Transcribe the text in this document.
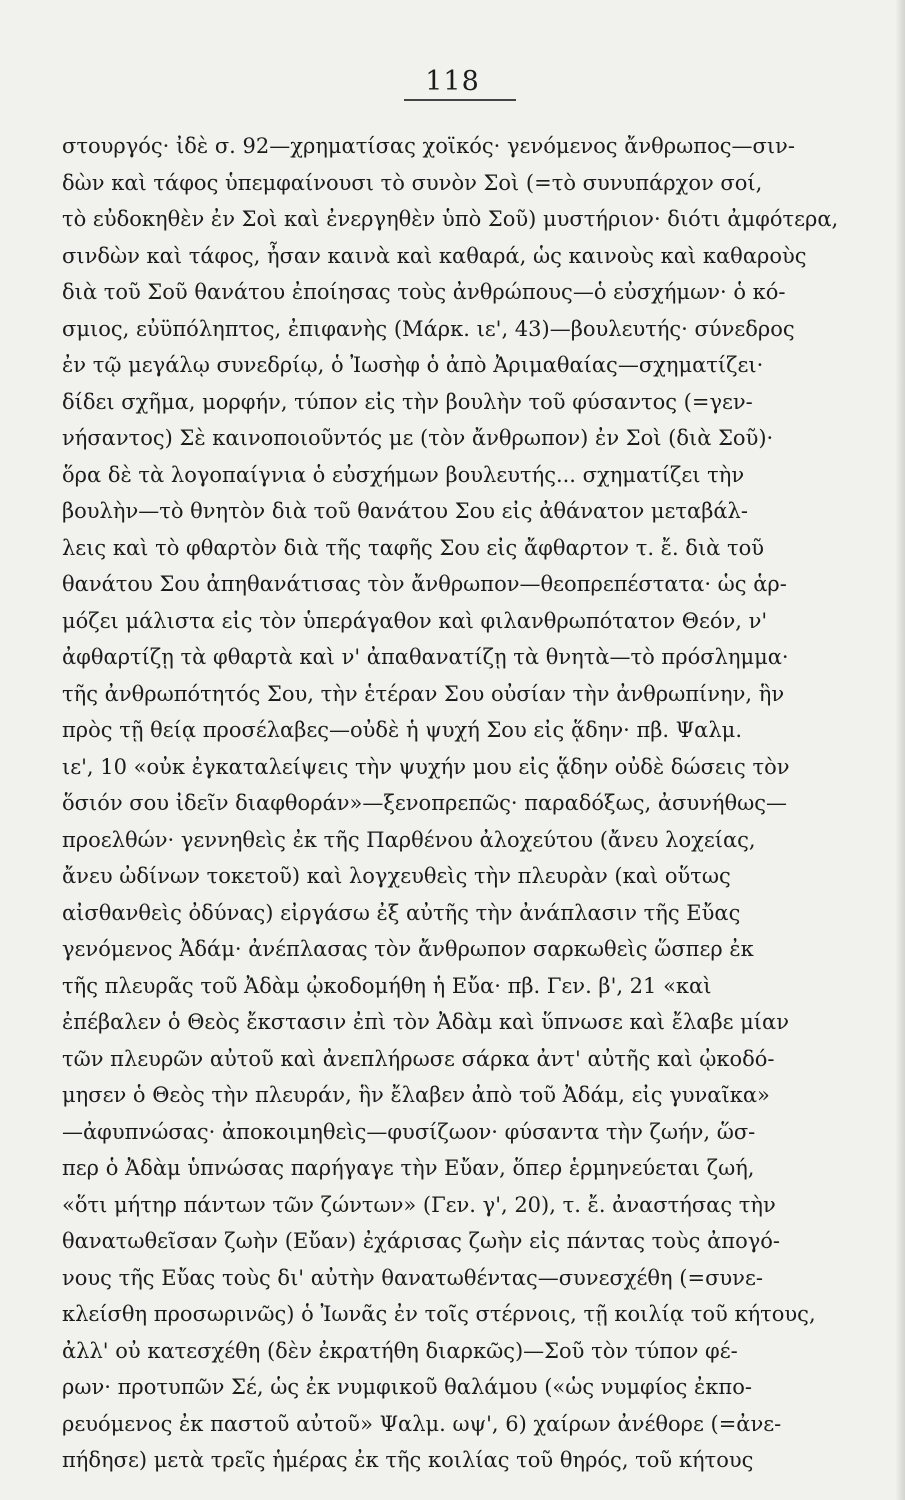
118
στουργός· ἰδὲ σ. 92—χρηματίσας χοϊκός· γενόμενος ἄνθρωπος—σιν-
δὼν καὶ τάφος ὑπεμφαίνουσι τὸ συνὸν Σοὶ (=τὸ συνυπάρχον σοί,
τὸ εὐδοκηθὲν ἐν Σοὶ καὶ ἐνεργηθὲν ὑπὸ Σοῦ) μυστήριον· διότι ἀμφότερα,
σινδὼν καὶ τάφος, ἦσαν καινὰ καὶ καθαρά, ὡς καινοὺς καὶ καθαροὺς
διὰ τοῦ Σοῦ θανάτου ἐποίησας τοὺς ἀνθρώπους—ὁ εὐσχήμων· ὁ κό-
σμιος, εὐϋπόληπτος, ἐπιφανὴς (Μάρκ. ιε', 43)—βουλευτής· σύνεδρος
ἐν τῷ μεγάλῳ συνεδρίῳ, ὁ Ἰωσὴφ ὁ ἀπὸ Ἀριμαθαίας—σχηματίζει·
δίδει σχῆμα, μορφήν, τύπον εἰς τὴν βουλὴν τοῦ φύσαντος (=γεν-
νήσαντος) Σὲ καινοποιοῦντός με (τὸν ἄνθρωπον) ἐν Σοὶ (διὰ Σοῦ)·
ὅρα δὲ τὰ λογοπαίγνια ὁ εὐσχήμων βουλευτής... σχηματίζει τὴν
βουλὴν—τὸ θνητὸν διὰ τοῦ θανάτου Σου εἰς ἀθάνατον μεταβάλ-
λεις καὶ τὸ φθαρτὸν διὰ τῆς ταφῆς Σου εἰς ἄφθαρτον τ. ἔ. διὰ τοῦ
θανάτου Σου ἀπηθανάτισας τὸν ἄνθρωπον—θεοπρεπέστατα· ὡς ἁρ-
μόζει μάλιστα εἰς τὸν ὑπεράγαθον καὶ φιλανθρωπότατον Θεόν, ν'
ἀφθαρτίζῃ τὰ φθαρτὰ καὶ ν' ἀπαθανατίζῃ τὰ θνητὰ—τὸ πρόσλημμα·
τῆς ἀνθρωπότητός Σου, τὴν ἑτέραν Σου οὐσίαν τὴν ἀνθρωπίνην, ἣν
πρὸς τῇ θείᾳ προσέλαβες—οὐδὲ ἡ ψυχή Σου εἰς ᾅδην· πβ. Ψαλμ.
ιε', 10 «οὐκ ἐγκαταλείψεις τὴν ψυχήν μου εἰς ᾅδην οὐδὲ δώσεις τὸν
ὅσιόν σου ἰδεῖν διαφθοράν»—ξενοπρεπῶς· παραδόξως, ἀσυνήθως—
προελθών· γεννηθεὶς ἐκ τῆς Παρθένου ἀλοχεύτου (ἄνευ λοχείας,
ἄνευ ὠδίνων τοκετοῦ) καὶ λογχευθεὶς τὴν πλευρὰν (καὶ οὕτως
αἰσθανθεὶς ὀδύνας) εἰργάσω ἐξ αὐτῆς τὴν ἀνάπλασιν τῆς Εὔας
γενόμενος Ἀδάμ· ἀνέπλασας τὸν ἄνθρωπον σαρκωθεὶς ὥσπερ ἐκ
τῆς πλευρᾶς τοῦ Ἀδὰμ ᾠκοδομήθη ἡ Εὔα· πβ. Γεν. β', 21 «καὶ
ἐπέβαλεν ὁ Θεὸς ἔκστασιν ἐπὶ τὸν Ἀδὰμ καὶ ὕπνωσε καὶ ἔλαβε μίαν
τῶν πλευρῶν αὐτοῦ καὶ ἀνεπλήρωσε σάρκα ἀντ' αὐτῆς καὶ ᾠκοδό-
μησεν ὁ Θεὸς τὴν πλευράν, ἣν ἔλαβεν ἀπὸ τοῦ Ἀδάμ, εἰς γυναῖκα»
—ἀφυπνώσας· ἀποκοιμηθεὶς—φυσίζωον· φύσαντα τὴν ζωήν, ὥσ-
περ ὁ Ἀδὰμ ὑπνώσας παρήγαγε τὴν Εὔαν, ὅπερ ἑρμηνεύεται ζωή,
«ὅτι μήτηρ πάντων τῶν ζώντων» (Γεν. γ', 20), τ. ἔ. ἀναστήσας τὴν
θανατωθεῖσαν ζωὴν (Εὔαν) ἐχάρισας ζωὴν εἰς πάντας τοὺς ἀπογό-
νους τῆς Εὔας τοὺς δι' αὐτὴν θανατωθέντας—συνεσχέθη (=συνε-
κλείσθη προσωρινῶς) ὁ Ἰωνᾶς ἐν τοῖς στέρνοις, τῇ κοιλίᾳ τοῦ κήτους,
ἀλλ' οὐ κατεσχέθη (δὲν ἐκρατήθη διαρκῶς)—Σοῦ τὸν τύπον φέ-
ρων· προτυπῶν Σέ, ὡς ἐκ νυμφικοῦ θαλάμου («ὡς νυμφίος ἐκπο-
ρευόμενος ἐκ παστοῦ αὐτοῦ» Ψαλμ. ωψ', 6) χαίρων ἀνέθορε (=ἀνε-
πήδησε) μετὰ τρεῖς ἡμέρας ἐκ τῆς κοιλίας τοῦ θηρός, τοῦ κήτους
